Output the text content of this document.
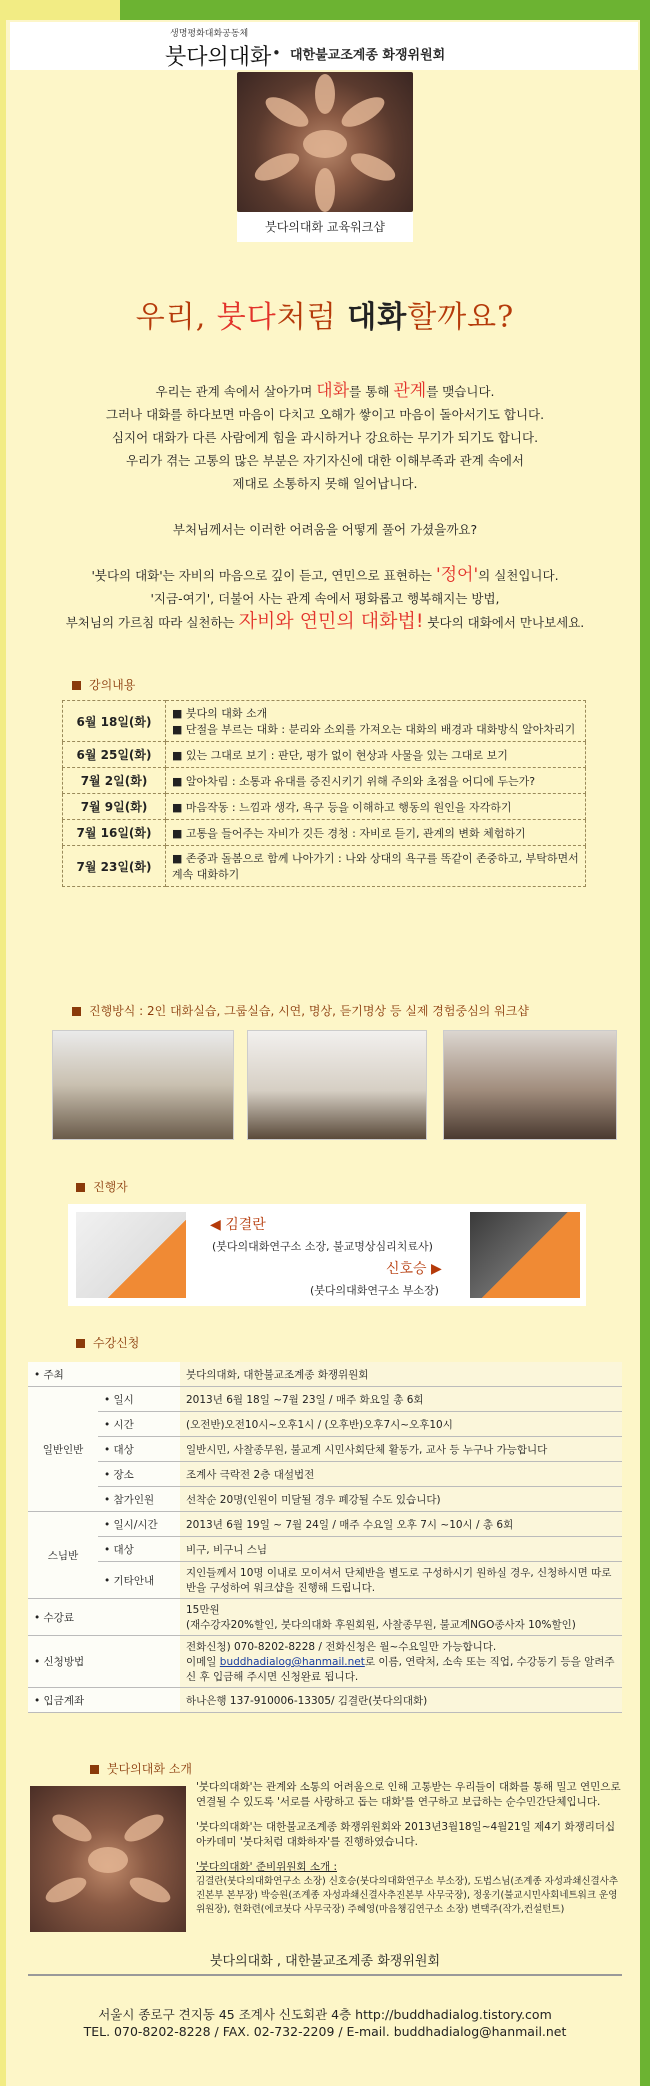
생명평화대화공동체
붓다의대화 • 대한불교조계종 화쟁위원회
붓다의대화 교육워크샵
우리, 붓다처럼 대화할까요?
우리는 관계 속에서 살아가며 대화를 통해 관계를 맺습니다.
그러나 대화를 하다보면 마음이 다치고 오해가 쌓이고 마음이 돌아서기도 합니다.
심지어 대화가 다른 사람에게 힘을 과시하거나 강요하는 무기가 되기도 합니다.
우리가 겪는 고통의 많은 부분은 자기자신에 대한 이해부족과 관계 속에서
제대로 소통하지 못해 일어납니다.
부처님께서는 이러한 어려움을 어떻게 풀어 가셨을까요?
'붓다의 대화'는 자비의 마음으로 깊이 듣고, 연민으로 표현하는 '정어'의 실천입니다.
'지금-여기', 더불어 사는 관계 속에서 평화롭고 행복해지는 방법,
부처님의 가르침 따라 실천하는 자비와 연민의 대화법! 붓다의 대화에서 만나보세요.
강의내용
6월 18일(화)	■ 붓다의 대화 소개
■ 단절을 부르는 대화 : 분리와 소외를 가져오는 대화의 배경과 대화방식 알아차리기

6월 25일(화)	■ 있는 그대로 보기 : 판단, 평가 없이 현상과 사물을 있는 그대로 보기
7월 2일(화)	■ 알아차림 : 소통과 유대를 증진시키기 위해 주의와 초점을 어디에 두는가?
7월 9일(화)	■ 마음작동 : 느낌과 생각, 욕구 등을 이해하고 행동의 원인을 자각하기
7월 16일(화)	■ 고통을 들어주는 자비가 깃든 경청 : 자비로 듣기, 관계의 변화 체험하기
7월 23일(화)	■ 존중과 돌봄으로 함께 나아가기 : 나와 상대의 욕구를 똑같이 존중하고, 부탁하면서 계속 대화하기
진행방식 : 2인 대화실습, 그룹실습, 시연, 명상, 듣기명상 등 실제 경험중심의 워크샵
진행자
◀ 김결란
(붓다의대화연구소 소장, 불교명상심리치료사)
신호승 ▶
(붓다의대화연구소 부소장)
수강신청
• 주최		붓다의대화, 대한불교조계종 화쟁위원회
일반인반	• 일시	2013년 6월 18일 ~7월 23일 / 매주 화요일 총 6회
	• 시간	(오전반)오전10시~오후1시 / (오후반)오후7시~오후10시
	• 대상	일반시민, 사찰종무원, 불교계 시민사회단체 활동가, 교사 등 누구나 가능합니다
	• 장소	조계사 극락전 2층 대설법전
	• 참가인원	선착순 20명(인원이 미달될 경우 폐강될 수도 있습니다)
스님반	• 일시/시간	2013년 6월 19일 ~ 7월 24일 / 매주 수요일 오후 7시 ~10시 / 총 6회
	• 대상	비구, 비구니 스님
	• 기타안내	지인들께서 10명 이내로 모이셔서 단체반을 별도로 구성하시기 원하실 경우, 신청하시면 따로 반을 구성하여 워크샵을 진행해 드립니다.
• 수강료		15만원
(재수강자20%할인, 붓다의대화 후원회원, 사찰종무원, 불교계NGO종사자 10%할인)

• 신청방법		전화신청) 070-8202-8228 / 전화신청은 월~수요일만 가능합니다.
이메일 buddhadialog@hanmail.net로 이름, 연락처, 소속 또는 직업, 수강동기 등을 알려주신 후 입금해 주시면 신청완료 됩니다.

• 입금계좌		하나은행 137-910006-13305/ 김결란(붓다의대화)
붓다의대화 소개

'붓다의대화'는 관계와 소통의 어려움으로 인해 고통받는 우리들이 대화를 통해 밀고 연민으로 연결될 수 있도록 '서로를 사랑하고 돕는 대화'를 연구하고 보급하는 순수민간단체입니다.

'붓다의대화'는 대한불교조계종 화쟁위원회와 2013년3월18일~4월21일 제4기 화쟁리더십아카데미 '붓다처럼 대화하자'를 진행하였습니다.

'붓다의대화' 준비위원회 소개 :

김결란(붓다의대화연구소 소장) 신호승(붓다의대화연구소 부소장), 도법스님(조계종 자성과쇄신결사추진본부 본부장) 박승원(조계종 자성과쇄신결사추진본부 사무국장), 정웅기(불교시민사회네트워크 운영위원장), 현화련(에코붓다 사무국장) 주혜영(마음챙김연구소 소장) 변택주(작가,컨설턴트)

붓다의대화 , 대한불교조계종 화쟁위원회
서울시 종로구 견지동 45 조계사 신도회관 4층 http://buddhadialog.tistory.com
TEL. 070-8202-8228 / FAX. 02-732-2209 / E-mail. buddhadialog@hanmail.net
